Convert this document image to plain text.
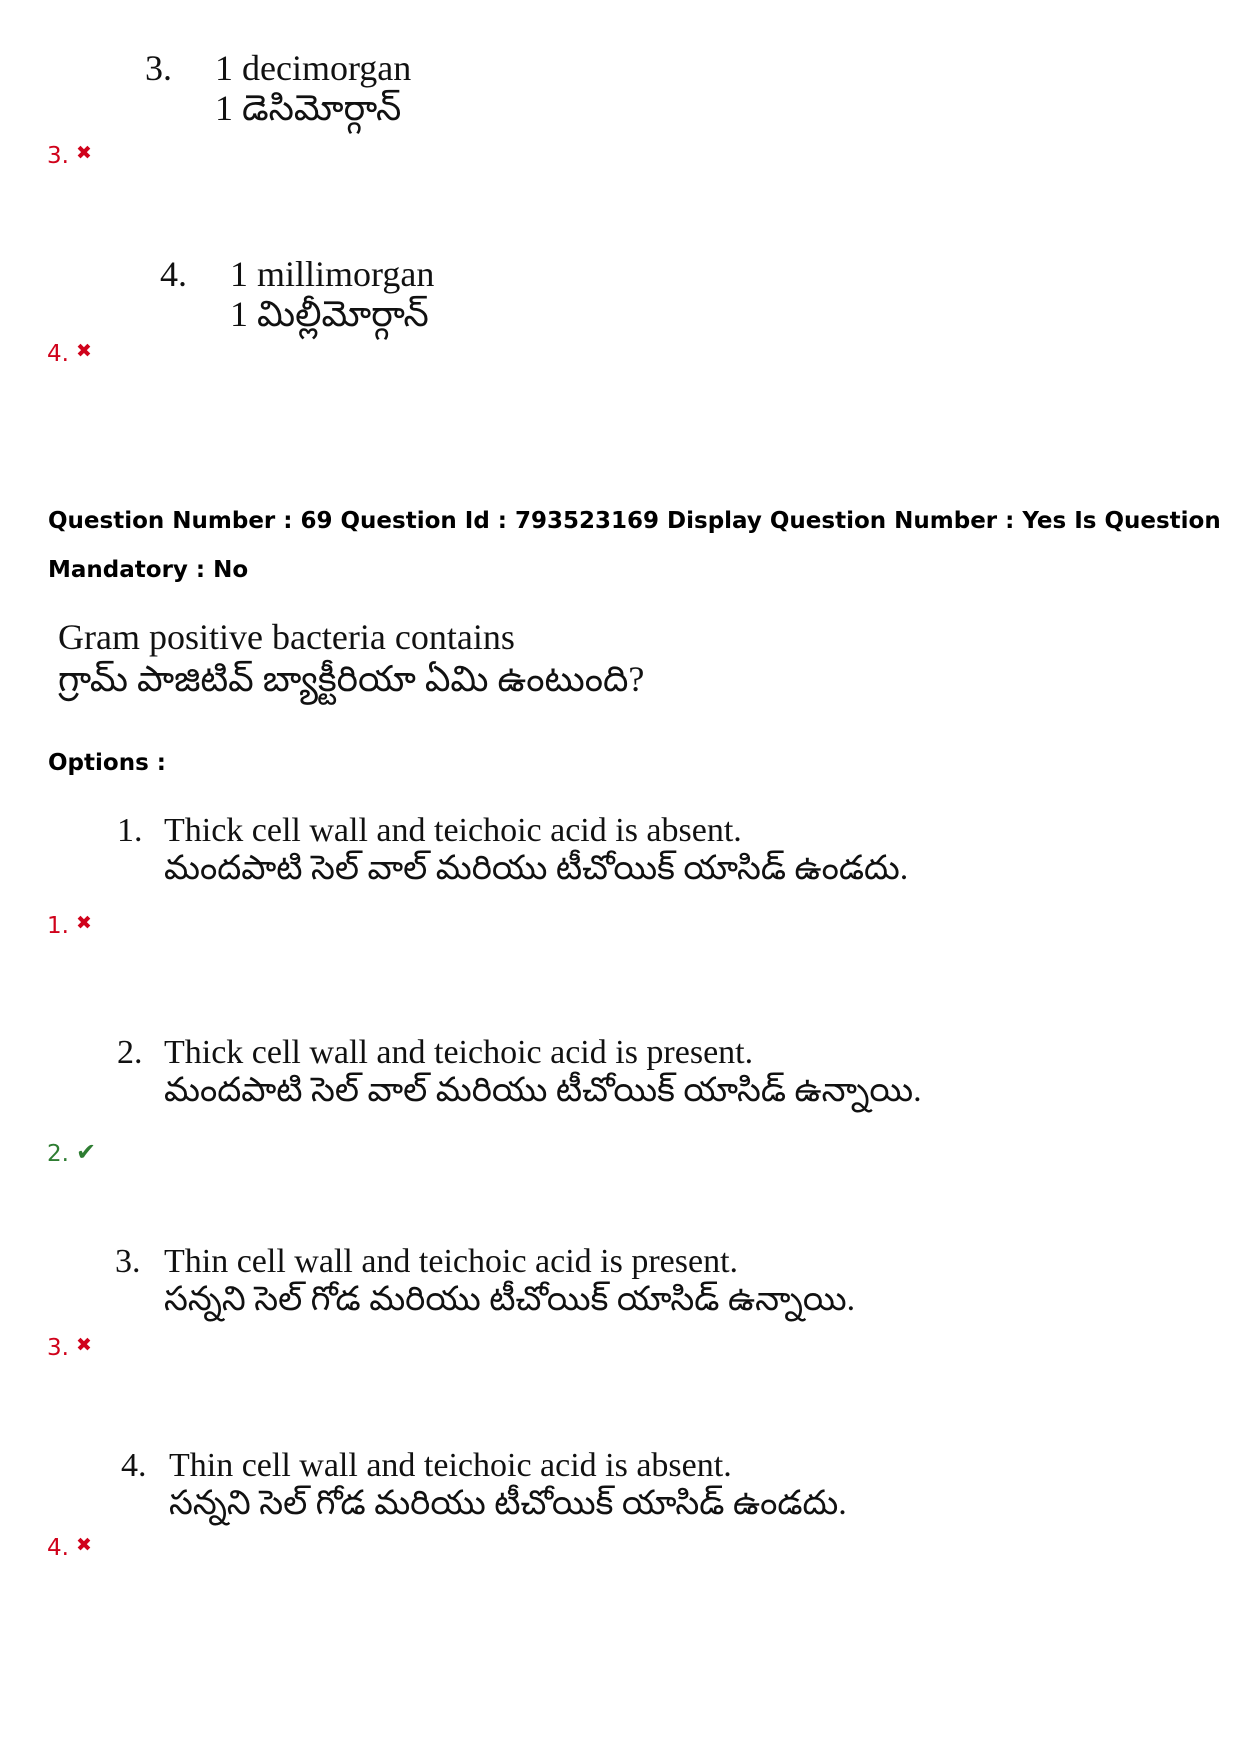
3. 1 decimorgan
1 డెసిమోర్గాన్
3. ✖
4. 1 millimorgan
1 మిల్లీమోర్గాన్
4. ✖
Question Number : 69 Question Id : 793523169 Display Question Number : Yes Is Question
Mandatory : No
Gram positive bacteria contains
గ్రామ్ పాజిటివ్ బ్యాక్టీరియా ఏమి ఉంటుంది?
Options :
1. Thick cell wall and teichoic acid is absent.
మందపాటి సెల్ వాల్ మరియు టీచోయిక్ యాసిడ్ ఉండదు.
1. ✖
2. Thick cell wall and teichoic acid is present.
మందపాటి సెల్ వాల్ మరియు టీచోయిక్ యాసిడ్ ఉన్నాయి.
2. ✔
3. Thin cell wall and teichoic acid is present.
సన్నని సెల్ గోడ మరియు టీచోయిక్ యాసిడ్ ఉన్నాయి.
3. ✖
4. Thin cell wall and teichoic acid is absent.
సన్నని సెల్ గోడ మరియు టీచోయిక్ యాసిడ్ ఉండదు.
4. ✖
